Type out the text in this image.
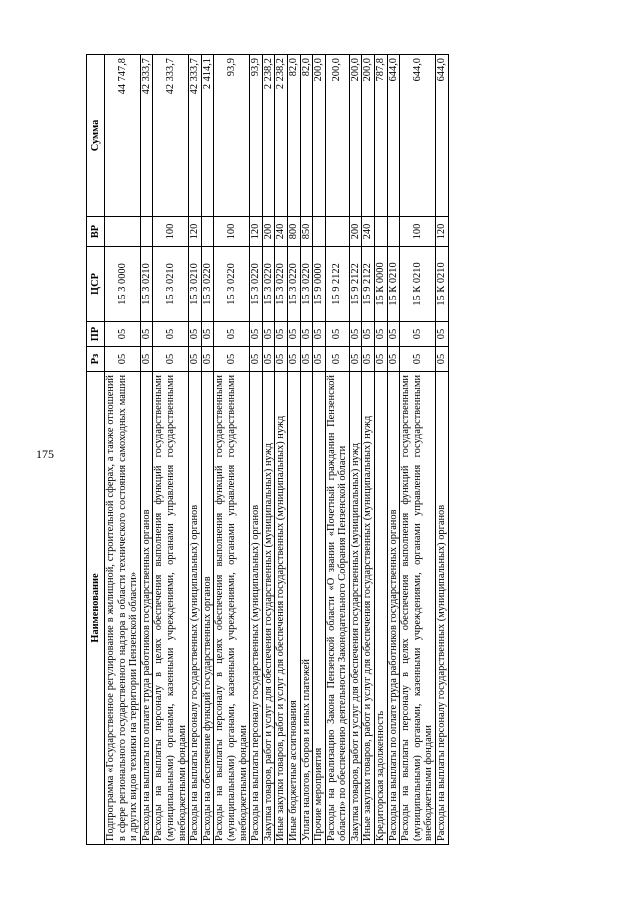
175
Наименование	Рз	ПР	ЦСР	ВР	Сумма
Подпрограмма «Государственное регулирование в жилищной, строительной сферах, а также отношений в сфере регионального государственного надзора в области технического состояния самоходных машин и других видов техники на территории Пензенской области»	05	05	15 3 0000		44 747,8
Расходы на выплаты по оплате труда работников государственных органов	05	05	15 3 0210		42 333,7
Расходы на выплаты персоналу в целях обеспечения выполнения функций государственными (муниципальными) органами, казенными учреждениями, органами управления государственными внебюджетными фондами	05	05	15 3 0210	100	42 333,7
Расходы на выплаты персоналу государственных (муниципальных) органов	05	05	15 3 0210	120	42 333,7
Расходы на обеспечение функций государственных органов	05	05	15 3 0220		2 414,1
Расходы на выплаты персоналу в целях обеспечения выполнения функций государственными (муниципальными) органами, казенными учреждениями, органами управления государственными внебюджетными фондами	05	05	15 3 0220	100	93,9
Расходы на выплаты персоналу государственных (муниципальных) органов	05	05	15 3 0220	120	93,9
Закупка товаров, работ и услуг для обеспечения государственных (муниципальных) нужд	05	05	15 3 0220	200	2 238,2
Иные закупки товаров, работ и услуг для обеспечения государственных (муниципальных) нужд	05	05	15 3 0220	240	2 238,2
Иные бюджетные ассигнования	05	05	15 3 0220	800	82,0
Уплата налогов, сборов и иных платежей	05	05	15 3 0220	850	82,0
Прочие мероприятия	05	05	15 9 0000		200,0
Расходы на реализацию Закона Пензенской области «О звании «Почетный гражданин Пензенской области» по обеспечению деятельности Законодательного Собрания Пензенской области	05	05	15 9 2122		200,0
Закупка товаров, работ и услуг для обеспечения государственных (муниципальных) нужд	05	05	15 9 2122	200	200,0
Иные закупки товаров, работ и услуг для обеспечения государственных (муниципальных) нужд	05	05	15 9 2122	240	200,0
Кредиторская задолженность	05	05	15 К 0000		787,8
Расходы на выплаты по оплате труда работников государственных органов	05	05	15 К 0210		644,0
Расходы на выплаты персоналу в целях обеспечения выполнения функций государственными (муниципальными) органами, казенными учреждениями, органами управления государственными внебюджетными фондами	05	05	15 К 0210	100	644,0
Расходы на выплаты персоналу государственных (муниципальных) органов	05	05	15 К 0210	120	644,0
